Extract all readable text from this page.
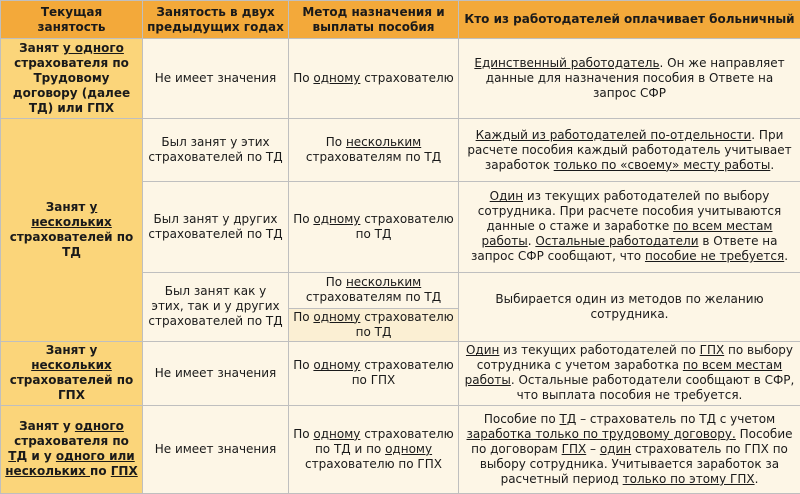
Текущая занятость	Занятость в двух предыдущих годах	Метод назначения и выплаты пособия	Кто из работодателей оплачивает больничный
Занят у одного страхователя по Трудовому договору (далее ТД) или ГПХ	Не имеет значения	По одному страхователю	Единственный работодатель. Он же направляет данные для назначения пособия в Ответе на запрос СФР
Занят у нескольких страхователей по ТД	Был занят у этих страхователей по ТД	По нескольким страхователям по ТД	Каждый из работодателей по-отдельности. При расчете пособия каждый работодатель учитывает заработок только по «своему» месту работы.
	Был занят у других страхователей по ТД	По одному страхователю по ТД	Один из текущих работодателей по выбору сотрудника. При расчете пособия учитываются данные о стаже и заработке по всем местам работы. Остальные работодатели в Ответе на запрос СФР сообщают, что пособие не требуется.
	Был занят как у этих, так и у других страхователей по ТД	По нескольким страхователям по ТД	Выбирается один из методов по желанию сотрудника.
		По одному страхователю по ТД	
Занят у нескольких страхователей по ГПХ	Не имеет значения	По одному страхователю по ГПХ	Один из текущих работодателей по ГПХ по выбору сотрудника с учетом заработка по всем местам работы. Остальные работодатели сообщают в СФР, что выплата пособия не требуется.
Занят у одного страхователя по ТД и у одного или нескольких по ГПХ	Не имеет значения	По одному страхователю по ТД и по одному страхователю по ГПХ	Пособие по ТД – страхователь по ТД с учетом заработка только по трудовому договору. Пособие по договорам ГПХ – один страхователь по ГПХ по выбору сотрудника. Учитывается заработок за расчетный период только по этому ГПХ.
